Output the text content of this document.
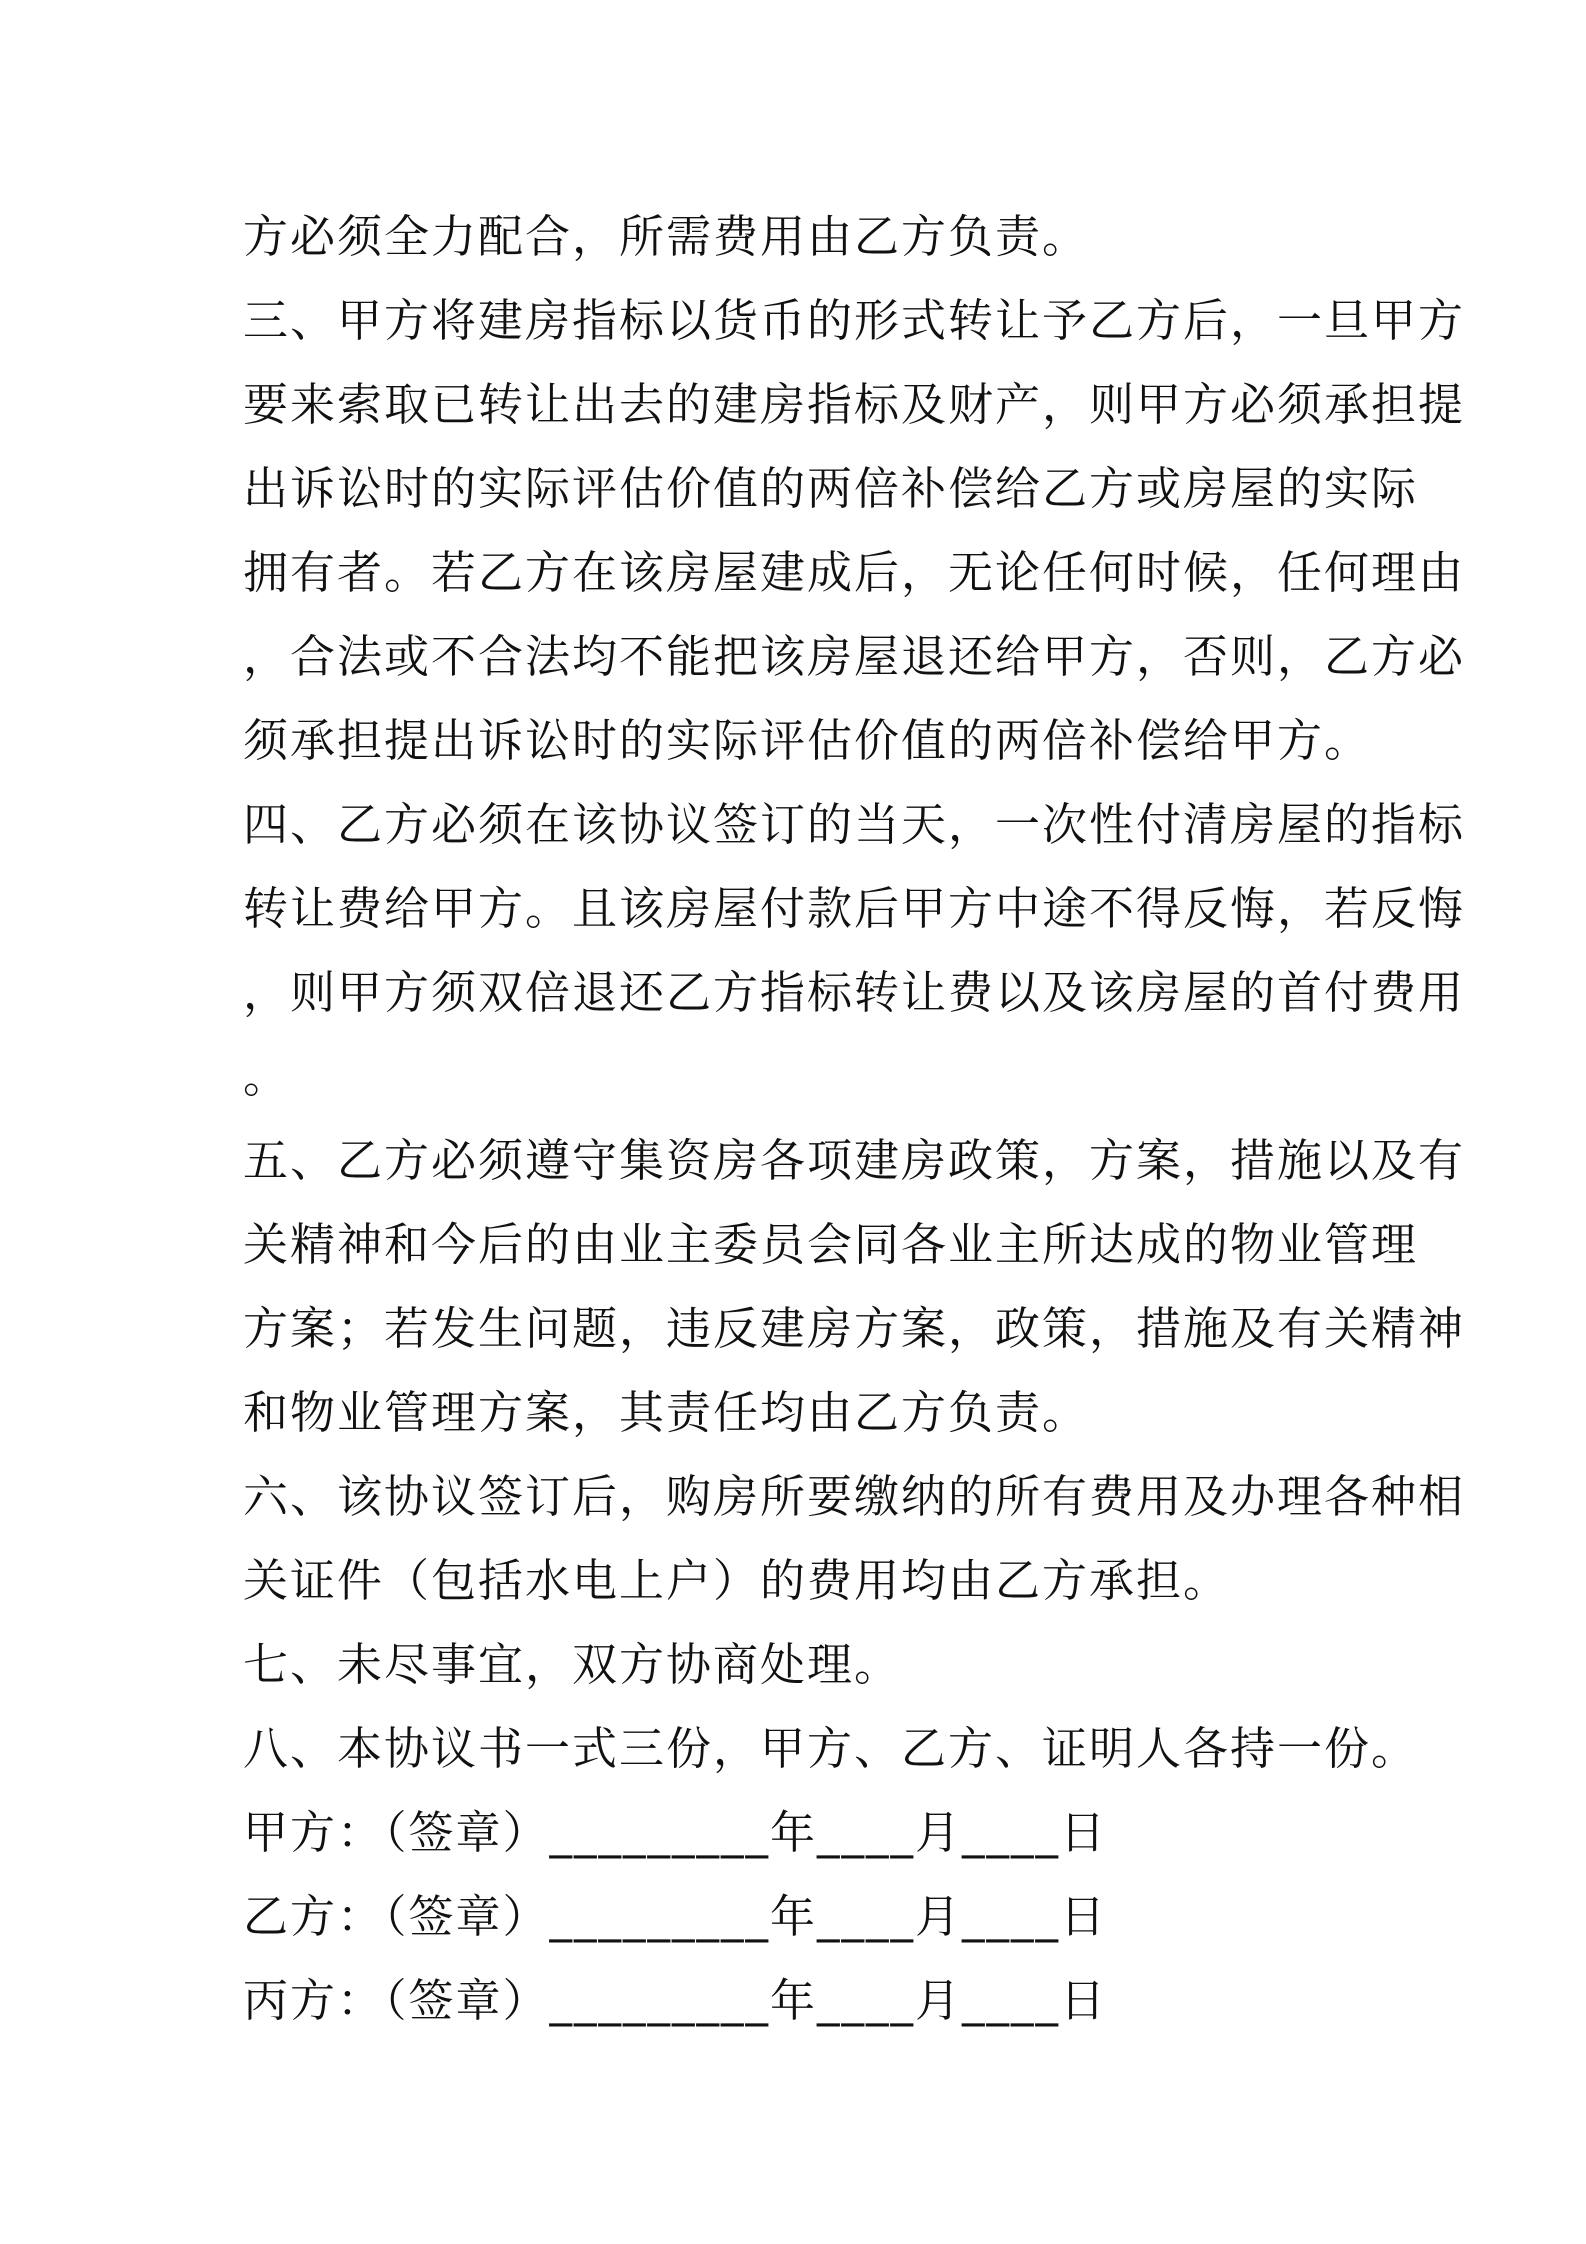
方必须全力配合，所需费用由乙方负责。
三、甲方将建房指标以货币的形式转让予乙方后，一旦甲方
要来索取已转让出去的建房指标及财产，则甲方必须承担提
出诉讼时的实际评估价值的两倍补偿给乙方或房屋的实际
拥有者。若乙方在该房屋建成后，无论任何时候，任何理由
，合法或不合法均不能把该房屋退还给甲方，否则，乙方必
须承担提出诉讼时的实际评估价值的两倍补偿给甲方。
四、乙方必须在该协议签订的当天，一次性付清房屋的指标
转让费给甲方。且该房屋付款后甲方中途不得反悔，若反悔
，则甲方须双倍退还乙方指标转让费以及该房屋的首付费用
。
五、乙方必须遵守集资房各项建房政策，方案，措施以及有
关精神和今后的由业主委员会同各业主所达成的物业管理
方案；若发生问题，违反建房方案，政策，措施及有关精神
和物业管理方案，其责任均由乙方负责。
六、该协议签订后，购房所要缴纳的所有费用及办理各种相
关证件（包括水电上户）的费用均由乙方承担。
七、未尽事宜，双方协商处理。
八、本协议书一式三份，甲方、乙方、证明人各持一份。
甲方：（签章）_________年____月____日
乙方：（签章）_________年____月____日
丙方：（签章）_________年____月____日
